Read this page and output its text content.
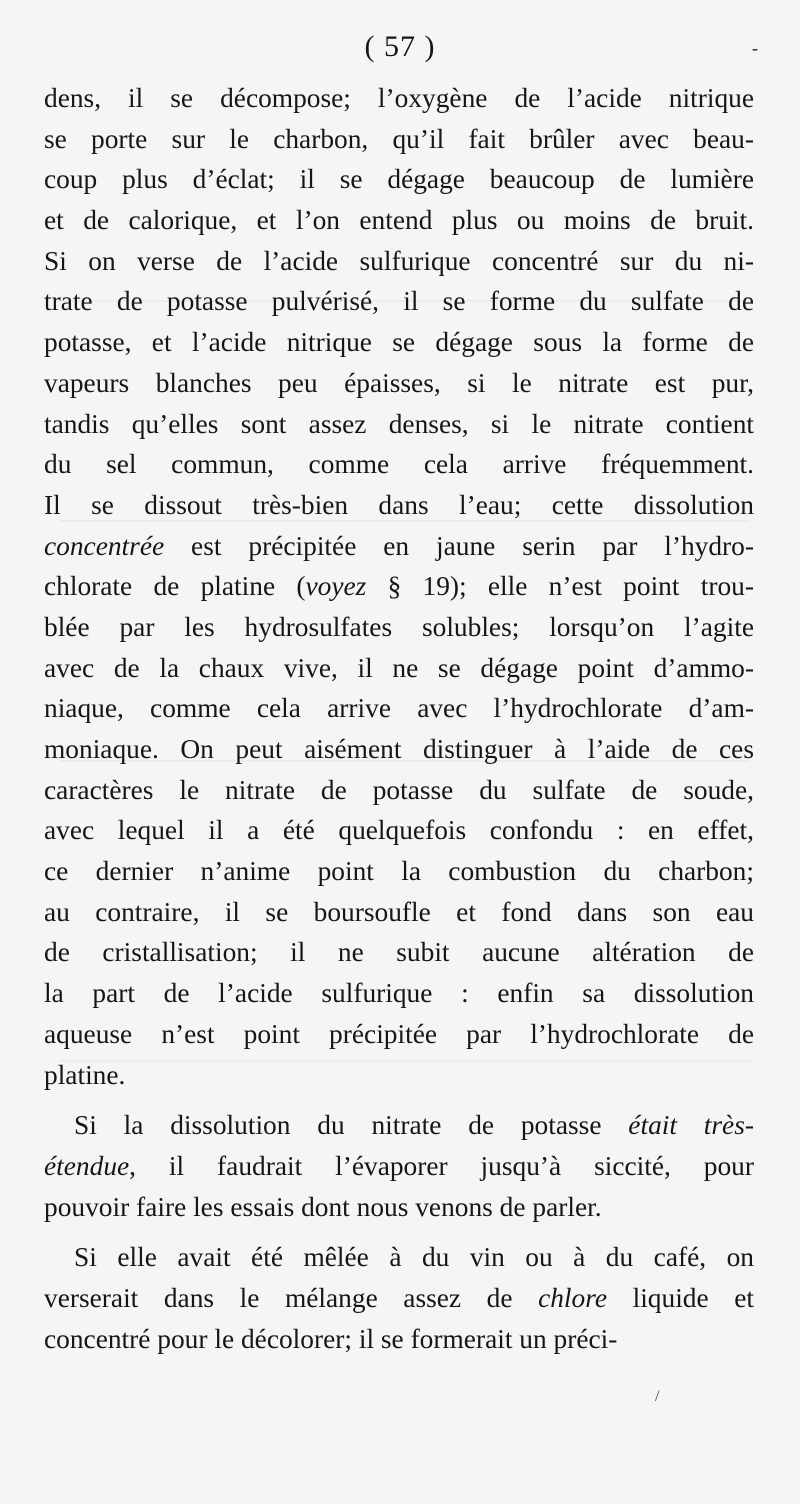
( 57 )	-
dens, il se décompose; l’oxygène de l’acide nitrique
se porte sur le charbon, qu’il fait brûler avec beau-
coup plus d’éclat; il se dégage beaucoup de lumière
et de calorique, et l’on entend plus ou moins de bruit.
Si on verse de l’acide sulfurique concentré sur du ni-
trate de potasse pulvérisé, il se forme du sulfate de
potasse, et l’acide nitrique se dégage sous la forme de
vapeurs blanches peu épaisses, si le nitrate est pur,
tandis qu’elles sont assez denses, si le nitrate contient
du sel commun, comme cela arrive fréquemment.
Il se dissout très-bien dans l’eau; cette dissolution
concentrée est précipitée en jaune serin par l’hydro-
chlorate de platine (voyez § 19); elle n’est point trou-
blée par les hydrosulfates solubles; lorsqu’on l’agite
avec de la chaux vive, il ne se dégage point d’ammo-
niaque, comme cela arrive avec l’hydrochlorate d’am-
moniaque. On peut aisément distinguer à l’aide de ces
caractères le nitrate de potasse du sulfate de soude,
avec lequel il a été quelquefois confondu : en effet,
ce dernier n’anime point la combustion du charbon;
au contraire, il se boursoufle et fond dans son eau
de cristallisation; il ne subit aucune altération de
la part de l’acide sulfurique : enfin sa dissolution
aqueuse n’est point précipitée par l’hydrochlorate de
platine.
Si la dissolution du nitrate de potasse était très-
étendue, il faudrait l’évaporer jusqu’à siccité, pour
pouvoir faire les essais dont nous venons de parler.
Si elle avait été mêlée à du vin ou à du café, on
verserait dans le mélange assez de chlore liquide et
concentré pour le décolorer; il se formerait un préci-
/
